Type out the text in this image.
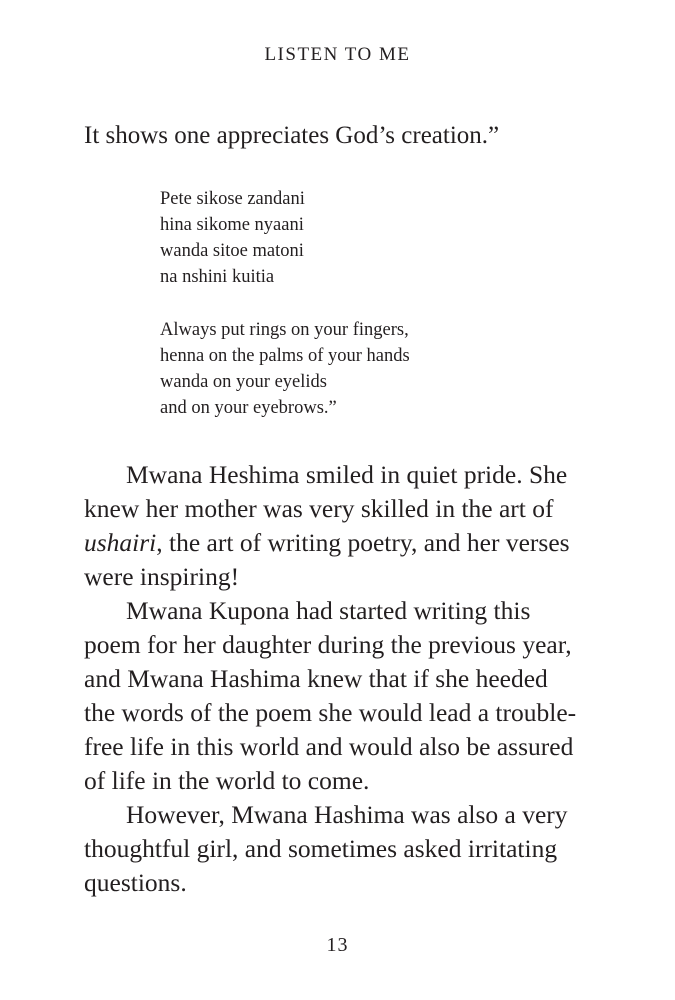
LISTEN TO ME
It shows one appreciates God’s creation.”
Pete sikose zandani
hina sikome nyaani
wanda sitoe matoni
na nshini kuitia
Always put rings on your fingers,
henna on the palms of your hands
wanda on your eyelids
and on your eyebrows.”
Mwana Heshima smiled in quiet pride. She
knew her mother was very skilled in the art of
ushairi, the art of writing poetry, and her verses
were inspiring!
Mwana Kupona had started writing this
poem for her daughter during the previous year,
and Mwana Hashima knew that if she heeded
the words of the poem she would lead a trouble-
free life in this world and would also be assured
of life in the world to come.
However, Mwana Hashima was also a very
thoughtful girl, and sometimes asked irritating
questions.
13
